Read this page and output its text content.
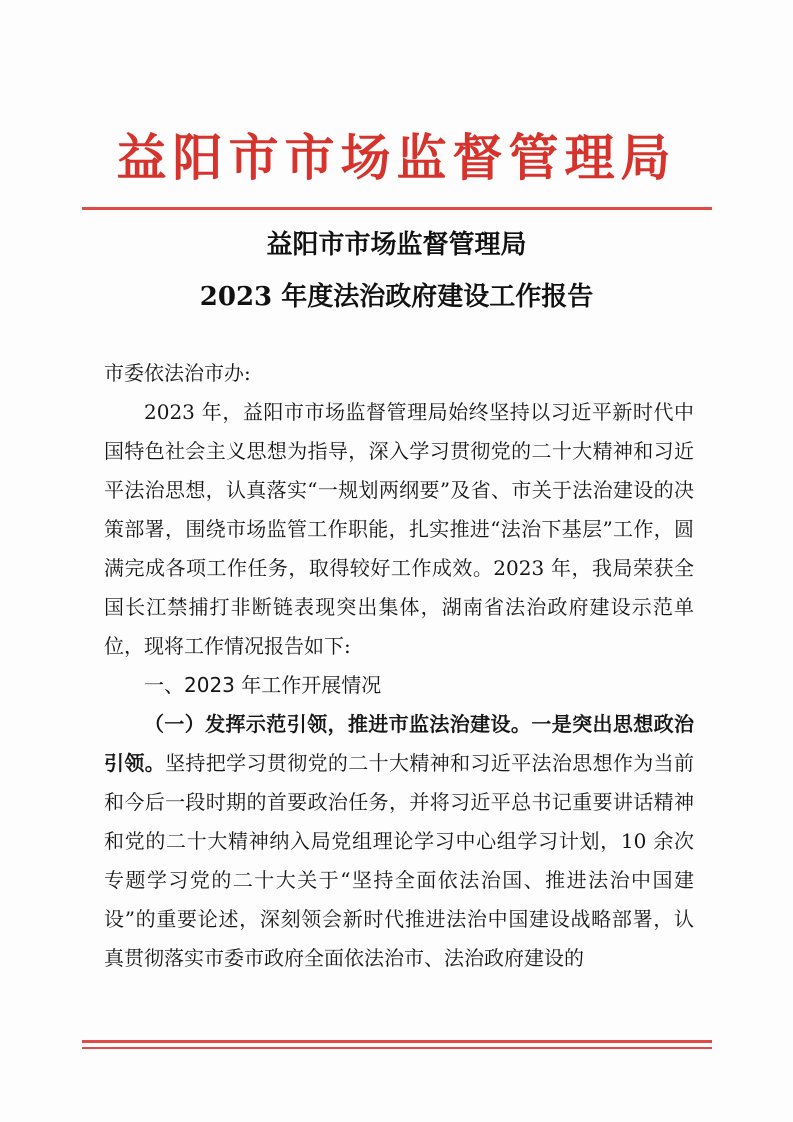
益阳市市场监督管理局
益阳市市场监督管理局
2023 年度法治政府建设工作报告

市委依法治市办:

2023 年，益阳市市场监督管理局始终坚持以习近平新时代中国特色社会主义思想为指导，深入学习贯彻党的二十大精神和习近平法治思想，认真落实“一规划两纲要”及省、市关于法治建设的决策部署，围绕市场监管工作职能，扎实推进“法治下基层”工作，圆满完成各项工作任务，取得较好工作成效。2023 年，我局荣获全国长江禁捕打非断链表现突出集体，湖南省法治政府建设示范单位，现将工作情况报告如下:

一、2023 年工作开展情况

（一）发挥示范引领，推进市监法治建设。一是突出思想政治引领。坚持把学习贯彻党的二十大精神和习近平法治思想作为当前和今后一段时期的首要政治任务，并将习近平总书记重要讲话精神和党的二十大精神纳入局党组理论学习中心组学习计划，10 余次专题学习党的二十大关于“坚持全面依法治国、推进法治中国建设”的重要论述，深刻领会新时代推进法治中国建设战略部署，认真贯彻落实市委市政府全面依法治市、法治政府建设的
